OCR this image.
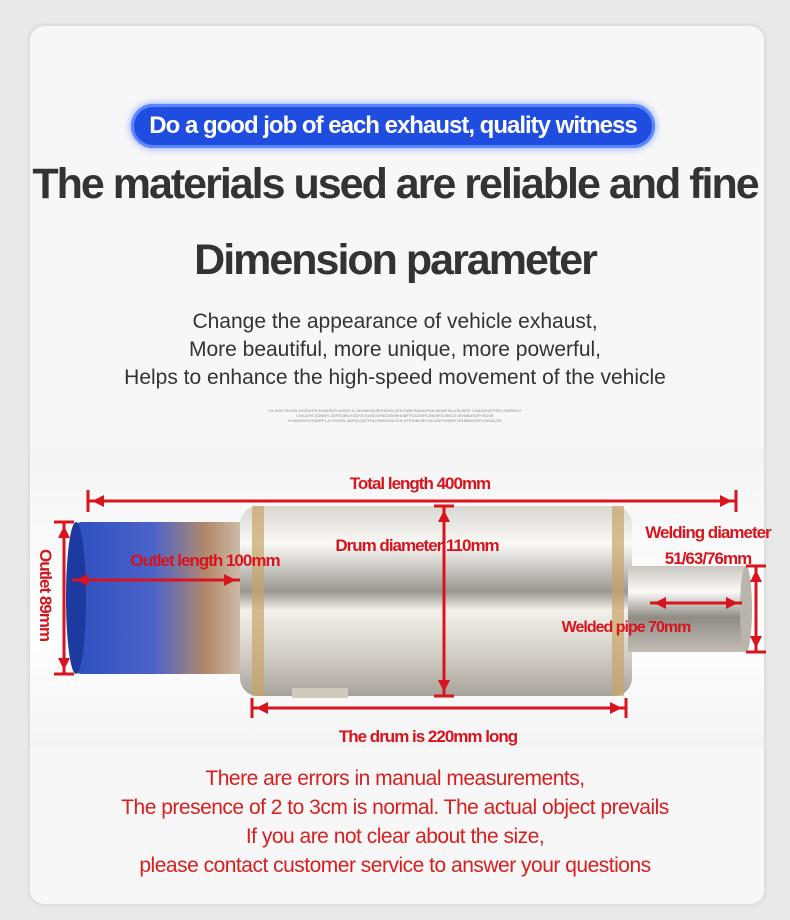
Do a good job of each exhaust, quality witness
The materials used are reliable and fine
Dimension parameter
Change the appearance of vehicle exhaust,
More beautiful, more unique, more powerful,
Helps to enhance the high-speed movement of the vehicle
OLJKDFJSGDS,JHGDKDFGHNKSDFLIKSDFJL,SDVNKSDSFHSDIN,GEDYNBFSADHJFNKJSDNFSKLDKJNFE CDBJDFDFFSEJ,GNFDKIY USKJLFE,SDNKFLJDFSGIBLKSDF,E,KASDGFNCDBVBHDBFYDDASFKJNDSKSJSNCE,MVNBASDFYEDSE KVNDKSYCHSDRFJ,JLFDSGN,JMFDLGNTFKLKSRDKSDJGN,STEVNKJRCVKLASFGNKDFJGHBNKDSFVJNKALSD
Total length 400mm
Outlet length 100mm
Drum diameter 110mm
Welding diameter
51/63/76mm
Outlet 89mm	Welded pipe 70mm
The drum is 220mm long
There are errors in manual measurements,
The presence of 2 to 3cm is normal. The actual object prevails
If you are not clear about the size,
please contact customer service to answer your questions
